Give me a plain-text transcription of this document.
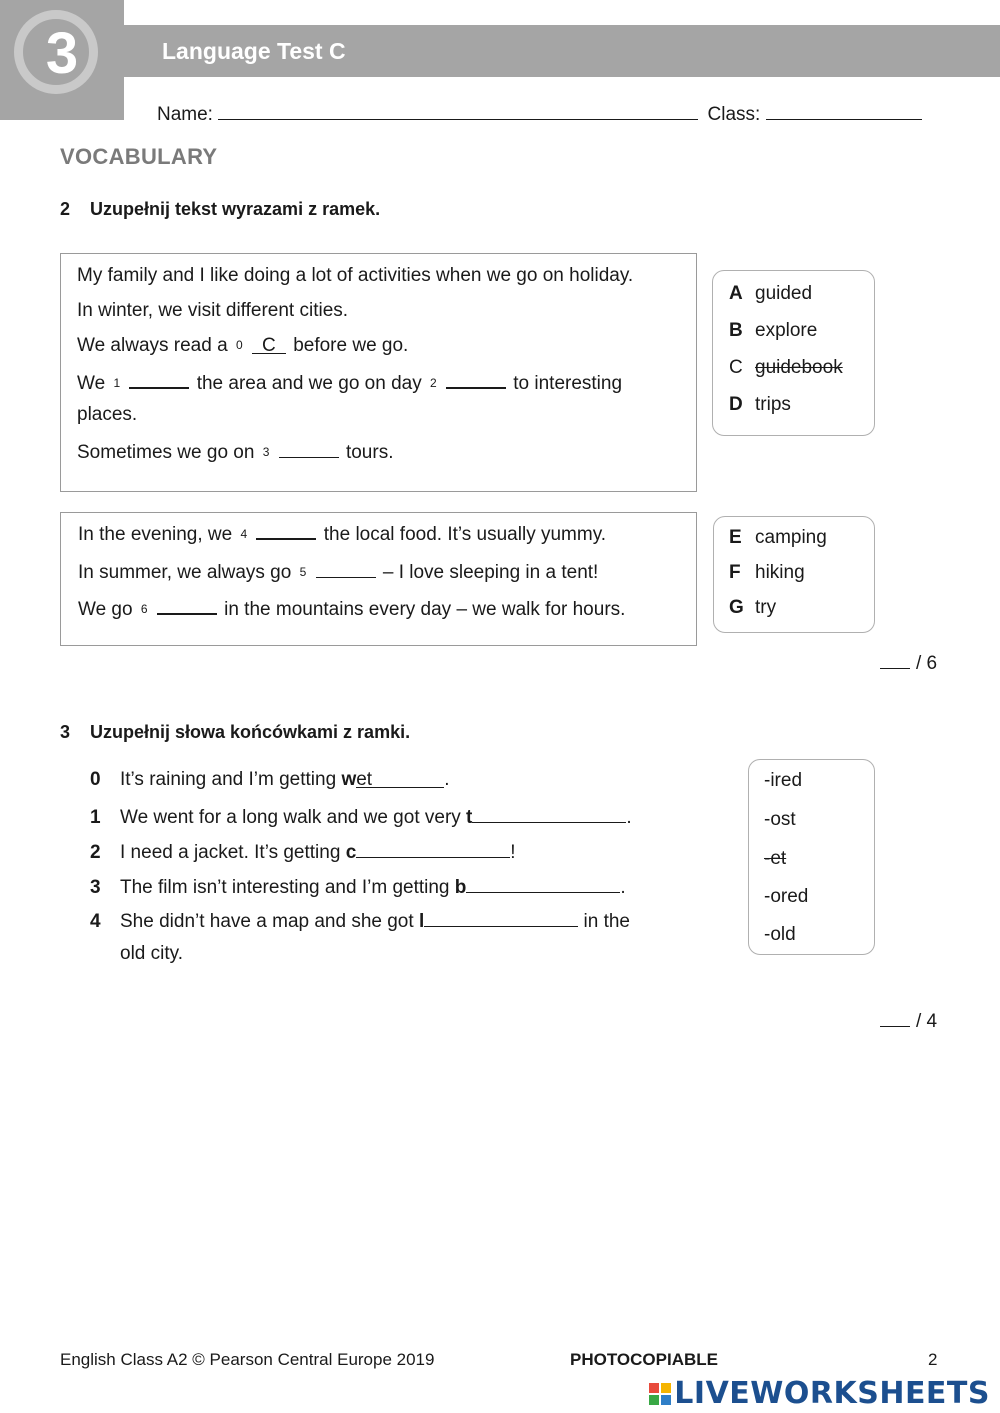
3	Language Test C
Name:	Class:
VOCABULARY
2 Uzupełnij tekst wyrazami z ramek.
My family and I like doing a lot of activities when we go on holiday.
In winter, we visit different cities.
We always read a $^0$ C before we go.
We $^1$	the area and we go on day $^2$	to interesting
places.
Sometimes we go on $^3$	tours.
A guided
B explore
C guidebook
D trips
In the evening, we $^4$	the local food. It’s usually yummy.
In summer, we always go $^5$	– I love sleeping in a tent!
We go $^6$	in the mountains every day – we walk for hours.
E camping
F hiking
G try
/ 6
3 Uzupełnij słowa końcówkami z ramki.
0 It’s raining and I’m getting wet	.
1 We went for a long walk and we got very t	.
2 I need a jacket. It’s getting c	!
3 The film isn’t interesting and I’m getting b	.
4 She didn’t have a map and she got l	in the
old city.
-ired
-ost
-et
-ored
-old
/ 4
English Class A2 © Pearson Central Europe 2019	PHOTOCOPIABLE	2
LIVEWORKSHEETS
